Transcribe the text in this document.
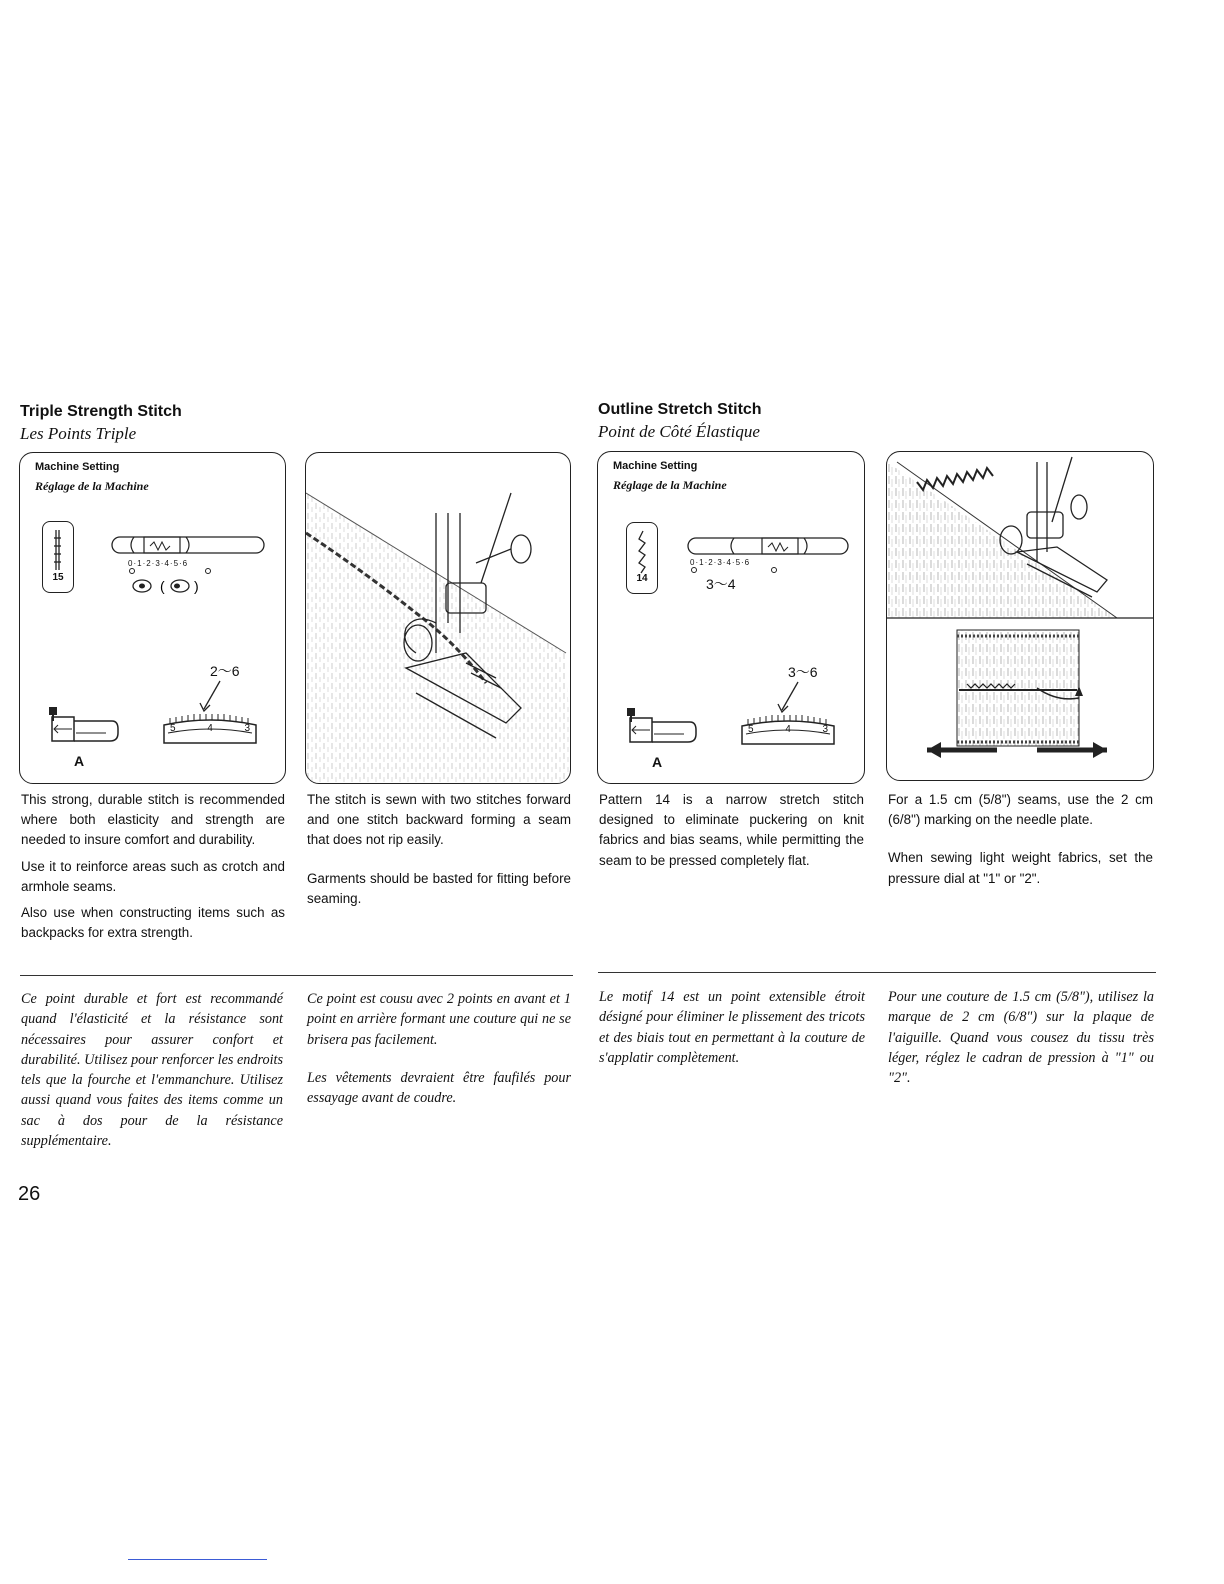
Triple Strength Stitch
Les Points Triple
Machine Setting
Réglage de la Machine
15
0·1·2·3·4·5·6
( )
2～6
A
5	4	3

This strong, durable stitch is recommended where both elasticity and strength are needed to insure comfort and durability.

Use it to reinforce areas such as crotch and armhole seams.

Also use when constructing items such as backpacks for extra strength.

The stitch is sewn with two stitches forward and one stitch backward forming a seam that does not rip easily.

Garments should be basted for fitting before seaming.

Ce point durable et fort est recommandé quand l'élasticité et la résistance sont nécessaires pour assurer confort et durabilité. Utilisez pour renforcer les endroits tels que la fourche et l'emmanchure. Utilisez aussi quand vous faites des items comme un sac à dos pour de la résistance supplémentaire.

Ce point est cousu avec 2 points en avant et 1 point en arrière formant une couture qui ne se brisera pas facilement.

Les vêtements devraient être faufilés pour essayage avant de coudre.

Outline Stretch Stitch
Point de Côté Élastique
Machine Setting
Réglage de la Machine
14
0·1·2·3·4·5·6
3～4
3～6
A
5	4	3

Pattern 14 is a narrow stretch stitch designed to eliminate puckering on knit fabrics and bias seams, while permitting the seam to be pressed completely flat.

For a 1.5 cm (5/8") seams, use the 2 cm (6/8") marking on the needle plate.

When sewing light weight fabrics, set the pressure dial at "1" or "2".

Le motif 14 est un point extensible étroit désigné pour éliminer le plissement des tricots et des biais tout en permettant à la couture de s'applatir complètement.

Pour une couture de 1.5 cm (5/8"), utilisez la marque de 2 cm (6/8") sur la plaque de l'aiguille. Quand vous cousez du tissu très léger, réglez le cadran de pression à "1" ou "2".

26
